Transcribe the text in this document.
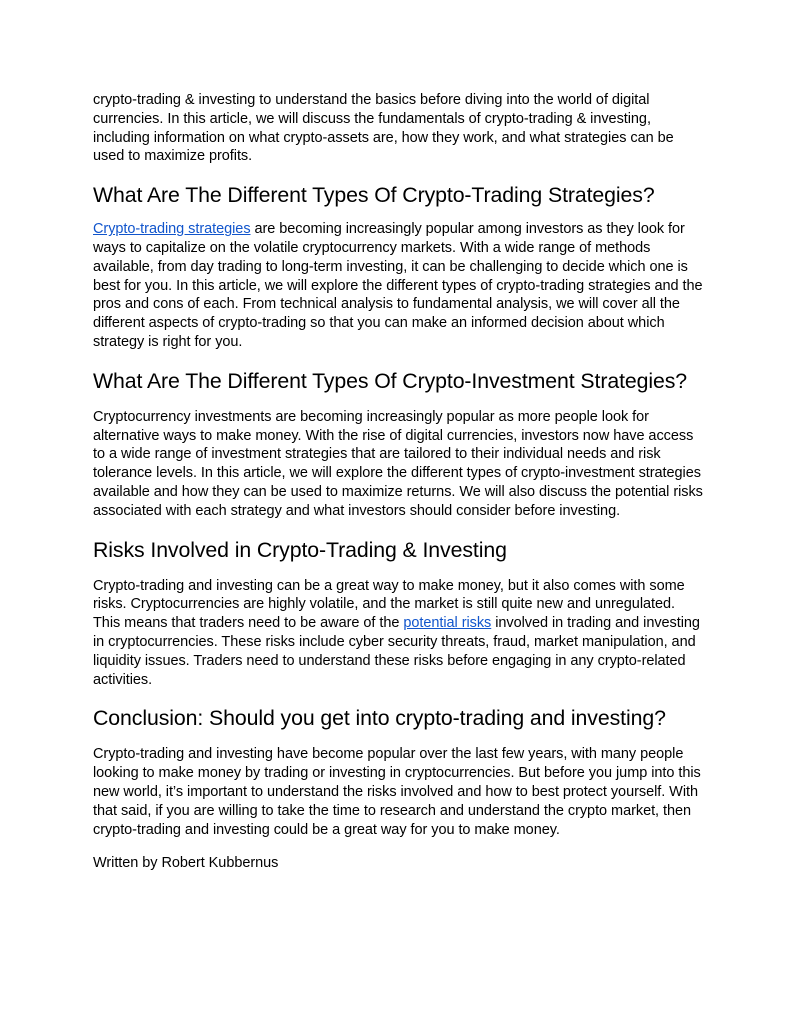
crypto-trading & investing to understand the basics before diving into the world of digital currencies. In this article, we will discuss the fundamentals of crypto-trading & investing, including information on what crypto-assets are, how they work, and what strategies can be used to maximize profits.

What Are The Different Types Of Crypto-Trading Strategies?

Crypto-trading strategies are becoming increasingly popular among investors as they look for ways to capitalize on the volatile cryptocurrency markets. With a wide range of methods available, from day trading to long-term investing, it can be challenging to decide which one is best for you. In this article, we will explore the different types of crypto-trading strategies and the pros and cons of each. From technical analysis to fundamental analysis, we will cover all the different aspects of crypto-trading so that you can make an informed decision about which strategy is right for you.

What Are The Different Types Of Crypto-Investment Strategies?

Cryptocurrency investments are becoming increasingly popular as more people look for alternative ways to make money. With the rise of digital currencies, investors now have access to a wide range of investment strategies that are tailored to their individual needs and risk tolerance levels. In this article, we will explore the different types of crypto-investment strategies available and how they can be used to maximize returns. We will also discuss the potential risks associated with each strategy and what investors should consider before investing.

Risks Involved in Crypto-Trading & Investing

Crypto-trading and investing can be a great way to make money, but it also comes with some risks. Cryptocurrencies are highly volatile, and the market is still quite new and unregulated. This means that traders need to be aware of the potential risks involved in trading and investing in cryptocurrencies. These risks include cyber security threats, fraud, market manipulation, and liquidity issues. Traders need to understand these risks before engaging in any crypto-related activities.

Conclusion: Should you get into crypto-trading and investing?

Crypto-trading and investing have become popular over the last few years, with many people looking to make money by trading or investing in cryptocurrencies. But before you jump into this new world, it’s important to understand the risks involved and how to best protect yourself. With that said, if you are willing to take the time to research and understand the crypto market, then crypto-trading and investing could be a great way for you to make money.

Written by Robert Kubbernus
